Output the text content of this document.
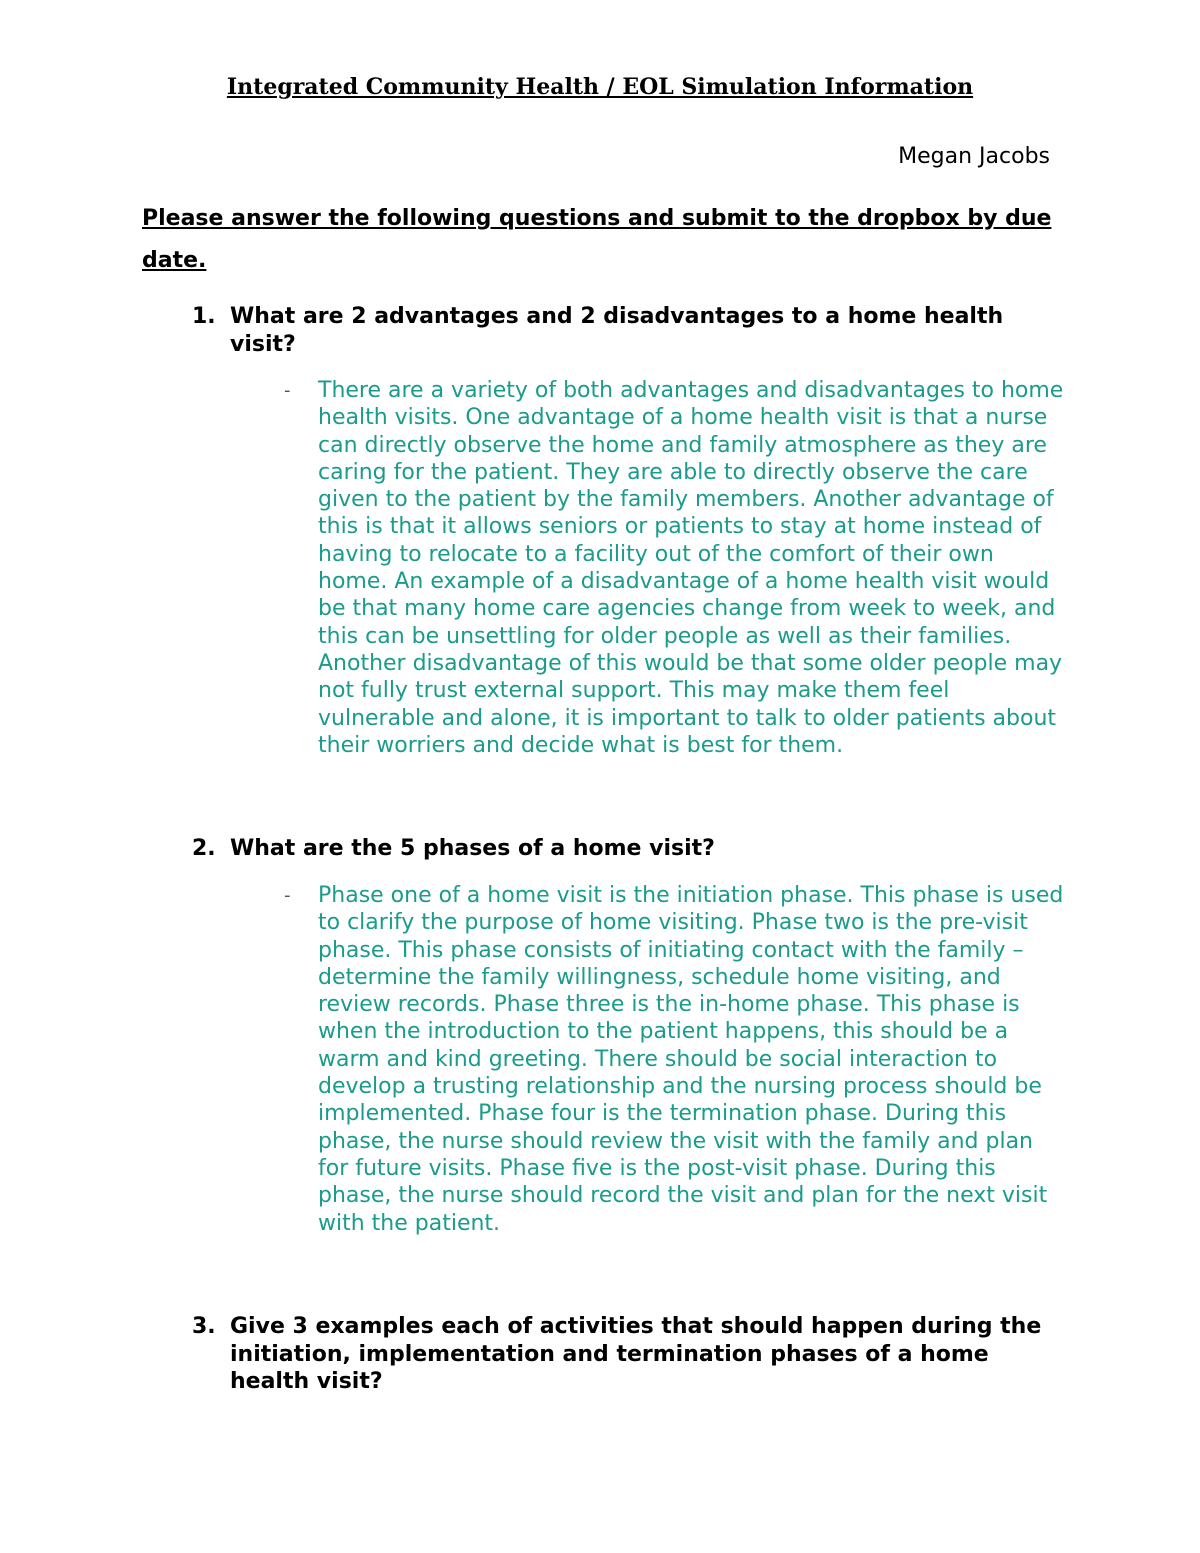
Integrated Community Health / EOL Simulation Information
Megan Jacobs
Please answer the following questions and submit to the dropbox by due date.
1. What are 2 advantages and 2 disadvantages to a home health visit?
- There are a variety of both advantages and disadvantages to home health visits. One advantage of a home health visit is that a nurse can directly observe the home and family atmosphere as they are caring for the patient. They are able to directly observe the care given to the patient by the family members. Another advantage of this is that it allows seniors or patients to stay at home instead of having to relocate to a facility out of the comfort of their own home. An example of a disadvantage of a home health visit would be that many home care agencies change from week to week, and this can be unsettling for older people as well as their families. Another disadvantage of this would be that some older people may not fully trust external support. This may make them feel vulnerable and alone, it is important to talk to older patients about their worriers and decide what is best for them.
2. What are the 5 phases of a home visit?
- Phase one of a home visit is the initiation phase. This phase is used to clarify the purpose of home visiting. Phase two is the pre-visit phase. This phase consists of initiating contact with the family – determine the family willingness, schedule home visiting, and review records. Phase three is the in-home phase. This phase is when the introduction to the patient happens, this should be a warm and kind greeting. There should be social interaction to develop a trusting relationship and the nursing process should be implemented. Phase four is the termination phase. During this phase, the nurse should review the visit with the family and plan for future visits. Phase five is the post-visit phase. During this phase, the nurse should record the visit and plan for the next visit with the patient.
3. Give 3 examples each of activities that should happen during the initiation, implementation and termination phases of a home health visit?
